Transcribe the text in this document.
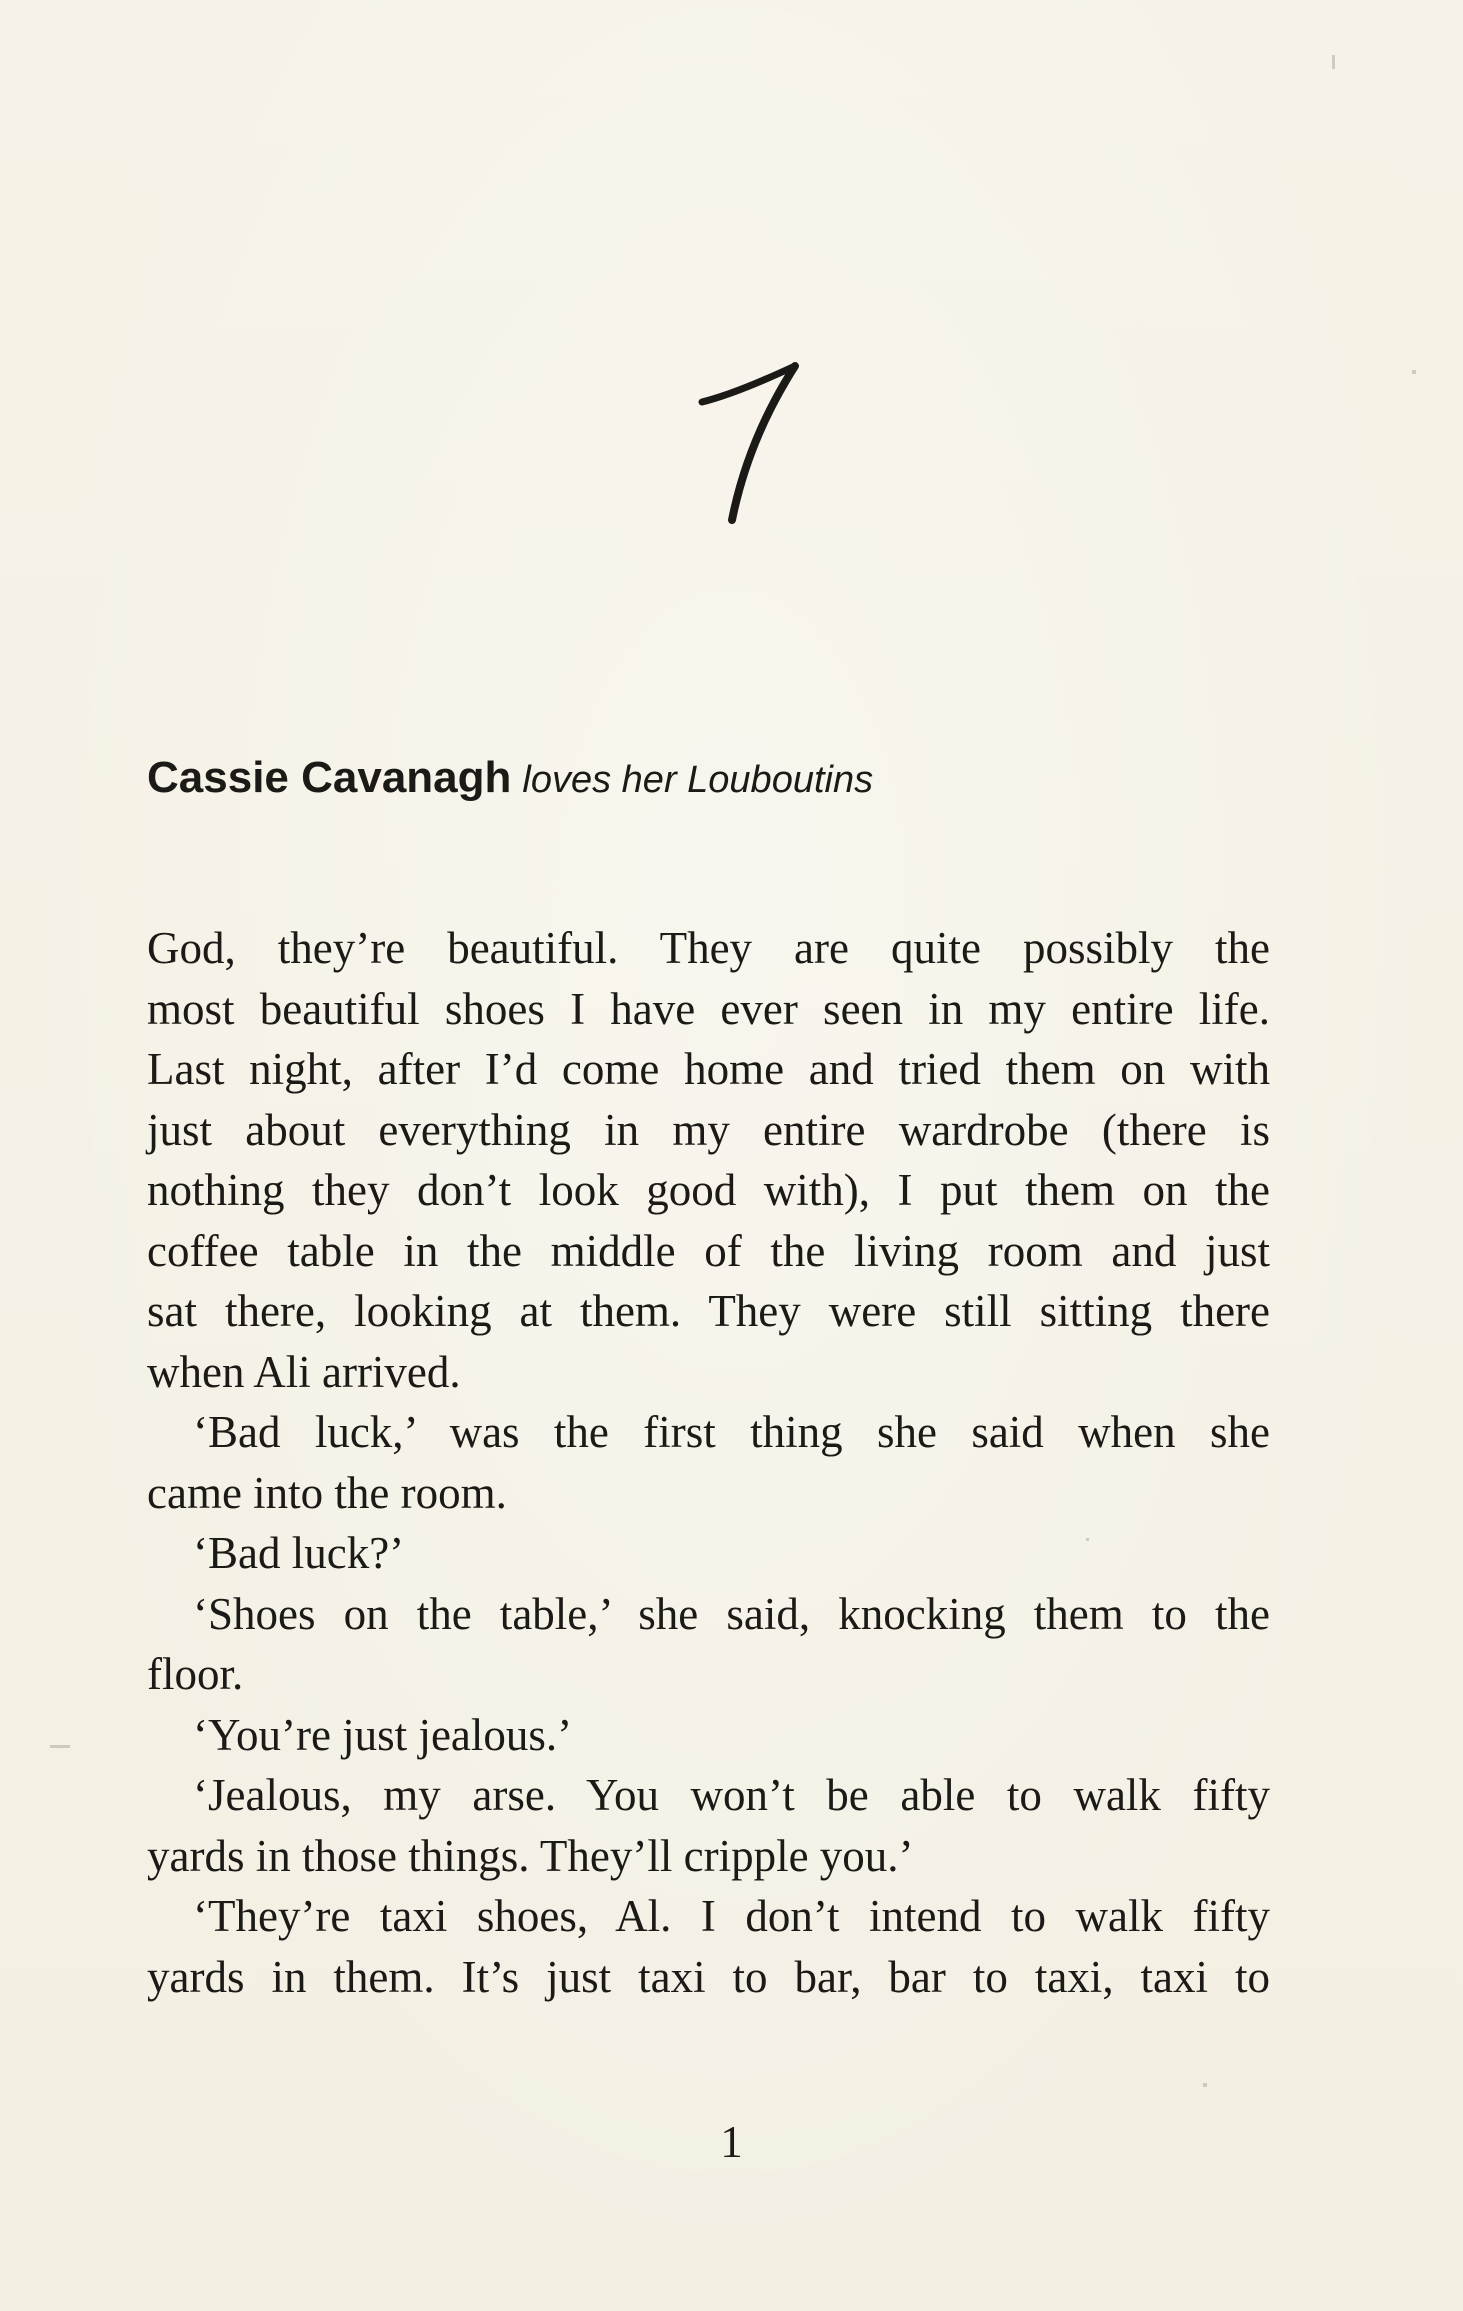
Cassie Cavanagh loves her Louboutins
God, they’re beautiful. They are quite possibly the
most beautiful shoes I have ever seen in my entire life.
Last night, after I’d come home and tried them on with
just about everything in my entire wardrobe (there is
nothing they don’t look good with), I put them on the
coffee table in the middle of the living room and just
sat there, looking at them. They were still sitting there
when Ali arrived.
‘Bad luck,’ was the first thing she said when she
came into the room.
‘Bad luck?’
‘Shoes on the table,’ she said, knocking them to the
floor.
‘You’re just jealous.’
‘Jealous, my arse. You won’t be able to walk fifty
yards in those things. They’ll cripple you.’
‘They’re taxi shoes, Al. I don’t intend to walk fifty
yards in them. It’s just taxi to bar, bar to taxi, taxi to
1
